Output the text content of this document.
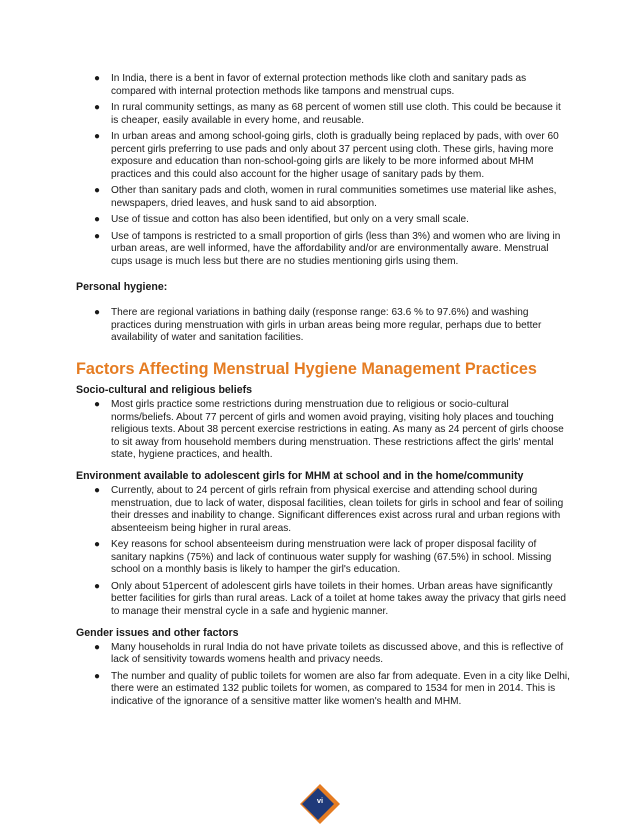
● In India, there is a bent in favor of external protection methods like cloth and sanitary pads as compared with internal protection methods like tampons and menstrual cups.
● In rural community settings, as many as 68 percent of women still use cloth. This could be because it is cheaper, easily available in every home, and reusable.
● In urban areas and among school-going girls, cloth is gradually being replaced by pads, with over 60 percent girls preferring to use pads and only about 37 percent using cloth. These girls, having more exposure and education than non-school-going girls are likely to be more informed about MHM practices and this could also account for the higher usage of sanitary pads by them.
● Other than sanitary pads and cloth, women in rural communities sometimes use material like ashes, newspapers, dried leaves, and husk sand to aid absorption.
● Use of tissue and cotton has also been identified, but only on a very small scale.
● Use of tampons is restricted to a small proportion of girls (less than 3%) and women who are living in urban areas, are well informed, have the affordability and/or are environmentally aware. Menstrual cups usage is much less but there are no studies mentioning girls using them.
Personal hygiene:
● There are regional variations in bathing daily (response range: 63.6 % to 97.6%) and washing practices during menstruation with girls in urban areas being more regular, perhaps due to better availability of water and sanitation facilities.
Factors Affecting Menstrual Hygiene Management Practices
Socio-cultural and religious beliefs
● Most girls practice some restrictions during menstruation due to religious or socio-cultural norms/beliefs. About 77 percent of girls and women avoid praying, visiting holy places and touching religious texts. About 38 percent exercise restrictions in eating. As many as 24 percent of girls choose to sit away from household members during menstruation. These restrictions affect the girls' mental state, hygiene practices, and health.
Environment available to adolescent girls for MHM at school and in the home/community
● Currently, about to 24 percent of girls refrain from physical exercise and attending school during menstruation, due to lack of water, disposal facilities, clean toilets for girls in school and fear of soiling their dresses and inability to change. Significant differences exist across rural and urban regions with absenteeism being higher in rural areas.
● Key reasons for school absenteeism during menstruation were lack of proper disposal facility of sanitary napkins (75%) and lack of continuous water supply for washing (67.5%) in school. Missing school on a monthly basis is likely to hamper the girl's education.
● Only about 51percent of adolescent girls have toilets in their homes. Urban areas have significantly better facilities for girls than rural areas. Lack of a toilet at home takes away the privacy that girls need to manage their menstral cycle in a safe and hygienic manner.
Gender issues and other factors
● Many households in rural India do not have private toilets as discussed above, and this is reflective of lack of sensitivity towards womens health and privacy needs.
● The number and quality of public toilets for women are also far from adequate. Even in a city like Delhi, there were an estimated 132 public toilets for women, as compared to 1534 for men in 2014. This is indicative of the ignorance of a sensitive matter like women's health and MHM.
vi
